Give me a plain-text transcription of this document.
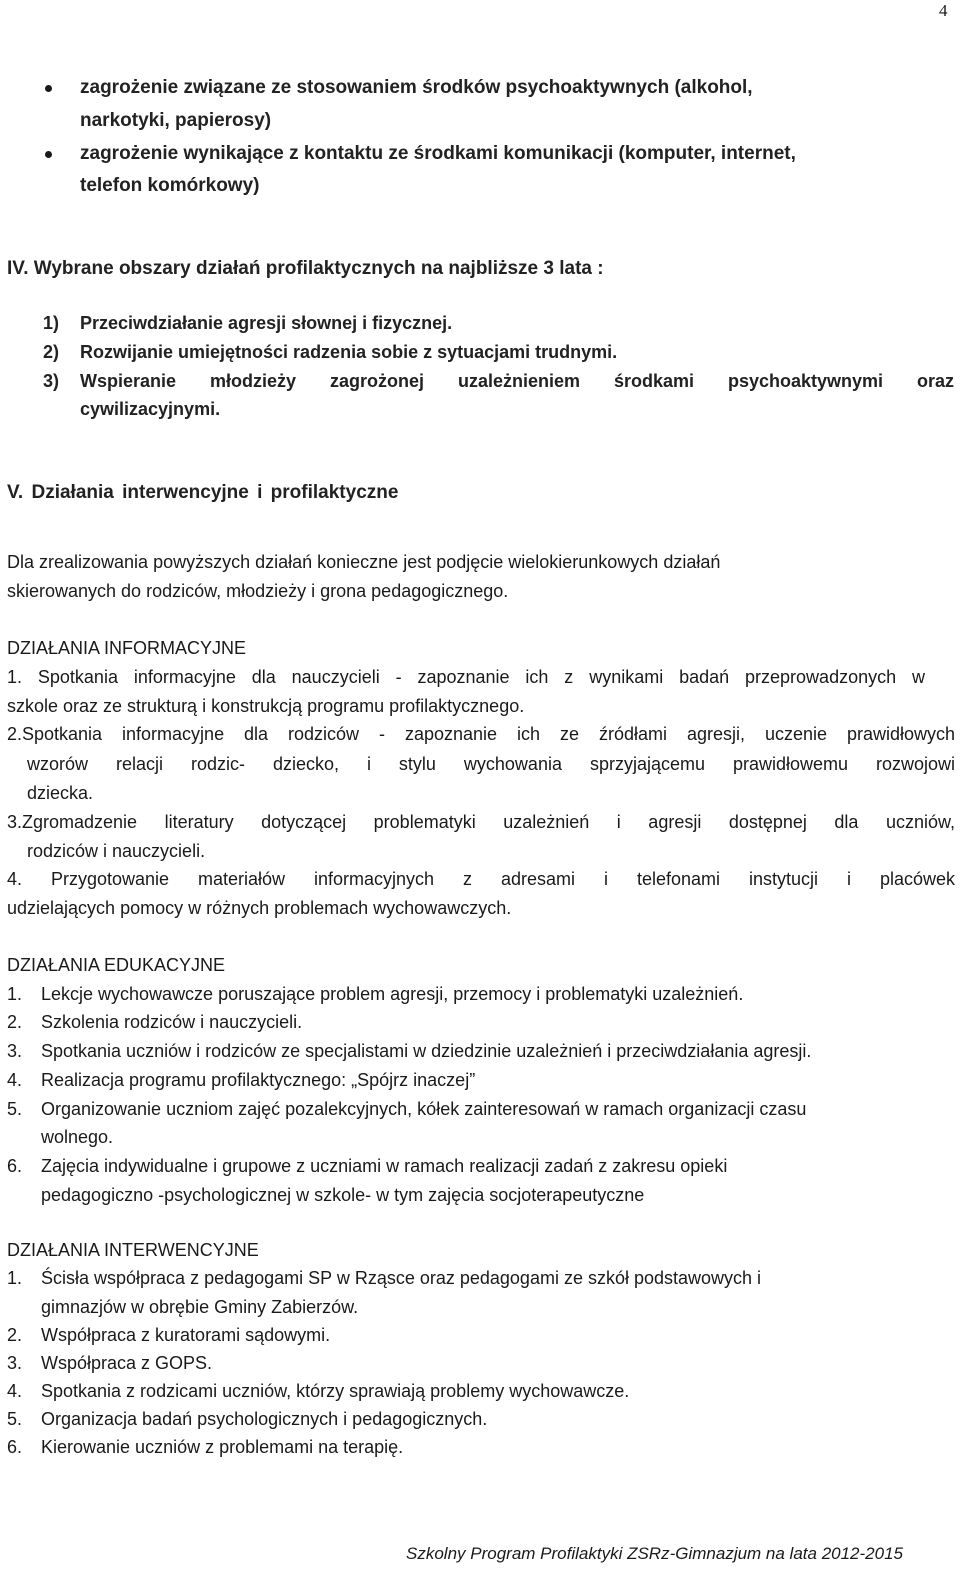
4
zagrożenie związane ze stosowaniem środków psychoaktywnych (alkohol,
narkotyki, papierosy)
zagrożenie wynikające z kontaktu ze środkami komunikacji (komputer, internet,
telefon komórkowy)
IV. Wybrane obszary działań profilaktycznych na najbliższe 3 lata :
1) Przeciwdziałanie agresji słownej i fizycznej.
2) Rozwijanie umiejętności radzenia sobie z sytuacjami trudnymi.
3) Wspieranie młodzieży zagrożonej uzależnieniem środkami psychoaktywnymi oraz
cywilizacyjnymi.
V. Działania interwencyjne i profilaktyczne
Dla zrealizowania powyższych działań konieczne jest podjęcie wielokierunkowych działań
skierowanych do rodziców, młodzieży i grona pedagogicznego.
DZIAŁANIA INFORMACYJNE
1. Spotkania informacyjne dla nauczycieli - zapoznanie ich z wynikami badań przeprowadzonych w
szkole oraz ze strukturą i konstrukcją programu profilaktycznego.
2.Spotkania informacyjne dla rodziców - zapoznanie ich ze źródłami agresji, uczenie prawidłowych
wzorów relacji rodzic- dziecko, i stylu wychowania sprzyjającemu prawidłowemu rozwojowi
dziecka.
3.Zgromadzenie literatury dotyczącej problematyki uzależnień i agresji dostępnej dla uczniów,
rodziców i nauczycieli.
4. Przygotowanie materiałów informacyjnych z adresami i telefonami instytucji i placówek
udzielających pomocy w różnych problemach wychowawczych.
DZIAŁANIA EDUKACYJNE
1. Lekcje wychowawcze poruszające problem agresji, przemocy i problematyki uzależnień.
2. Szkolenia rodziców i nauczycieli.
3. Spotkania uczniów i rodziców ze specjalistami w dziedzinie uzależnień i przeciwdziałania agresji.
4. Realizacja programu profilaktycznego: „Spójrz inaczej”
5. Organizowanie uczniom zajęć pozalekcyjnych, kółek zainteresowań w ramach organizacji czasu
wolnego.
6. Zajęcia indywidualne i grupowe z uczniami w ramach realizacji zadań z zakresu opieki
pedagogiczno -psychologicznej w szkole- w tym zajęcia socjoterapeutyczne
DZIAŁANIA INTERWENCYJNE
1. Ścisła współpraca z pedagogami SP w Rząsce oraz pedagogami ze szkół podstawowych i
gimnazjów w obrębie Gminy Zabierzów.
2. Współpraca z kuratorami sądowymi.
3. Współpraca z GOPS.
4. Spotkania z rodzicami uczniów, którzy sprawiają problemy wychowawcze.
5. Organizacja badań psychologicznych i pedagogicznych.
6. Kierowanie uczniów z problemami na terapię.
Szkolny Program Profilaktyki ZSRz-Gimnazjum na lata 2012-2015
